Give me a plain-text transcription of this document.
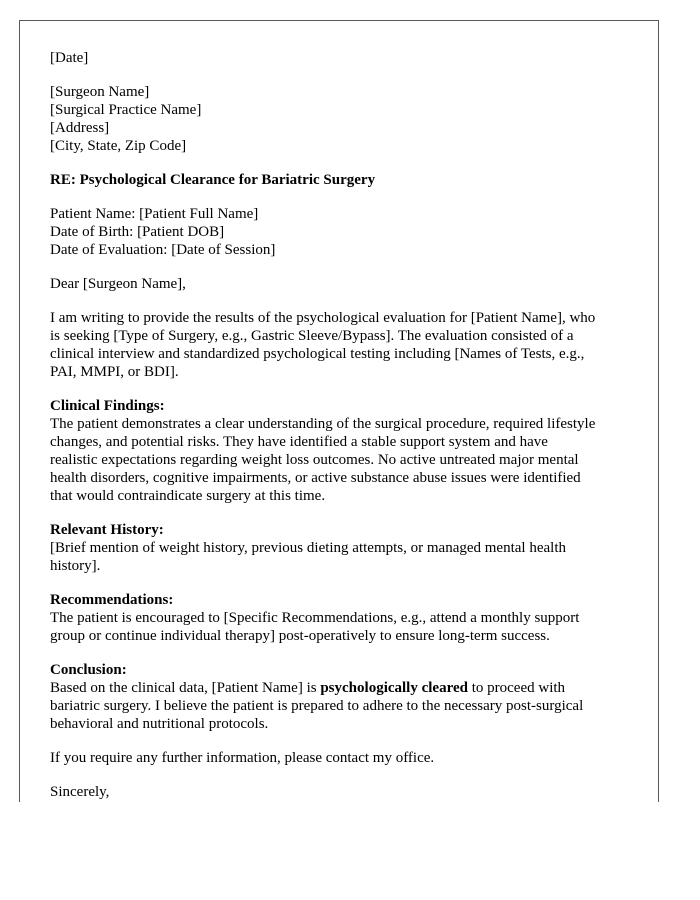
[Date]
[Surgeon Name]
[Surgical Practice Name]
[Address]
[City, State, Zip Code]
RE: Psychological Clearance for Bariatric Surgery
Patient Name: [Patient Full Name]
Date of Birth: [Patient DOB]
Date of Evaluation: [Date of Session]
Dear [Surgeon Name],
I am writing to provide the results of the psychological evaluation for [Patient Name], who
is seeking [Type of Surgery, e.g., Gastric Sleeve/Bypass]. The evaluation consisted of a
clinical interview and standardized psychological testing including [Names of Tests, e.g.,
PAI, MMPI, or BDI].
Clinical Findings:
The patient demonstrates a clear understanding of the surgical procedure, required lifestyle
changes, and potential risks. They have identified a stable support system and have
realistic expectations regarding weight loss outcomes. No active untreated major mental
health disorders, cognitive impairments, or active substance abuse issues were identified
that would contraindicate surgery at this time.
Relevant History:
[Brief mention of weight history, previous dieting attempts, or managed mental health
history].
Recommendations:
The patient is encouraged to [Specific Recommendations, e.g., attend a monthly support
group or continue individual therapy] post-operatively to ensure long-term success.
Conclusion:
Based on the clinical data, [Patient Name] is psychologically cleared to proceed with
bariatric surgery. I believe the patient is prepared to adhere to the necessary post-surgical
behavioral and nutritional protocols.
If you require any further information, please contact my office.
Sincerely,
